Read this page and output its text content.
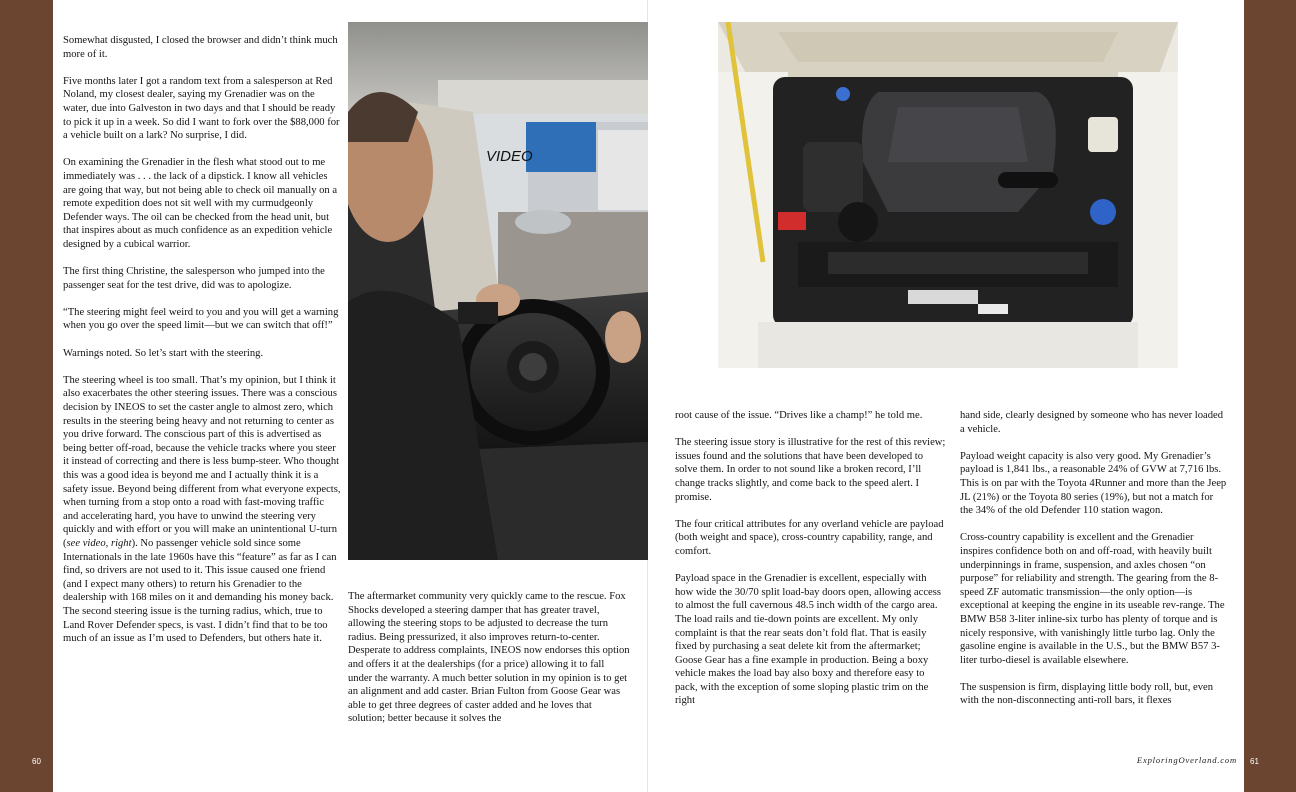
Somewhat disgusted, I closed the browser and didn’t think much more of it.

Five months later I got a random text from a salesperson at Red Noland, my closest dealer, saying my Grenadier was on the water, due into Galveston in two days and that I should be ready to pick it up in a week. So did I want to fork over the $88,000 for a vehicle built on a lark? No surprise, I did.

On examining the Grenadier in the flesh what stood out to me immediately was . . . the lack of a dipstick. I know all vehicles are going that way, but not being able to check oil manually on a remote expedition does not sit well with my curmudgeonly Defender ways. The oil can be checked from the head unit, but that inspires about as much confidence as an expedition vehicle designed by a cubical warrior.

The first thing Christine, the salesperson who jumped into the passenger seat for the test drive, did was to apologize.

“The steering might feel weird to you and you will get a warning when you go over the speed limit—but we can switch that off!”

Warnings noted. So let’s start with the steering.

The steering wheel is too small. That’s my opinion, but I think it also exacerbates the other steering issues. There was a conscious decision by INEOS to set the caster angle to almost zero, which results in the steering being heavy and not returning to center as you drive forward. The conscious part of this is advertised as being better off-road, because the vehicle tracks where you steer it instead of correcting and there is less bump-steer. Who thought this was a good idea is beyond me and I actually think it is a safety issue. Beyond being different from what everyone expects, when turning from a stop onto a road with fast-moving traffic and accelerating hard, you have to unwind the steering very quickly and with effort or you will make an unintentional U-turn (see video, right). No passenger vehicle sold since some Internationals in the late 1960s have this “feature” as far as I can find, so drivers are not used to it. This issue caused one friend (and I expect many others) to return his Grenadier to the dealership with 168 miles on it and demanding his money back. The second steering issue is the turning radius, which, true to Land Rover Defender specs, is vast. I didn’t find that to be too much of an issue as I’m used to Defenders, but others hate it.

VIDEO

The aftermarket community very quickly came to the rescue. Fox Shocks developed a steering damper that has greater travel, allowing the steering stops to be adjusted to decrease the turn radius. Being pressurized, it also improves return-to-center. Desperate to address complaints, INEOS now endorses this option and offers it at the dealerships (for a price) allowing it to fall under the warranty. A much better solution in my opinion is to get an alignment and add caster. Brian Fulton from Goose Gear was able to get three degrees of caster added and he loves that solution; better because it solves the

60

root cause of the issue. “Drives like a champ!” he told me.

The steering issue story is illustrative for the rest of this review; issues found and the solutions that have been developed to solve them. In order to not sound like a broken record, I’ll change tracks slightly, and come back to the speed alert. I promise.

The four critical attributes for any overland vehicle are payload (both weight and space), cross-country capability, range, and comfort.

Payload space in the Grenadier is excellent, especially with how wide the 30/70 split load-bay doors open, allowing access to almost the full cavernous 48.5 inch width of the cargo area. The load rails and tie-down points are excellent. My only complaint is that the rear seats don’t fold flat. That is easily fixed by purchasing a seat delete kit from the aftermarket; Goose Gear has a fine example in production. Being a boxy vehicle makes the load bay also boxy and therefore easy to pack, with the exception of some sloping plastic trim on the right

hand side, clearly designed by someone who has never loaded a vehicle.

Payload weight capacity is also very good. My Grenadier’s payload is 1,841 lbs., a reasonable 24% of GVW at 7,716 lbs. This is on par with the Toyota 4Runner and more than the Jeep JL (21%) or the Toyota 80 series (19%), but not a match for the 34% of the old Defender 110 station wagon.

Cross-country capability is excellent and the Grenadier inspires confidence both on and off-road, with heavily built underpinnings in frame, suspension, and axles chosen “on purpose” for reliability and strength. The gearing from the 8-speed ZF automatic transmission—the only option—is exceptional at keeping the engine in its useable rev-range. The BMW B58 3-liter inline-six turbo has plenty of torque and is nicely responsive, with vanishingly little turbo lag. Only the gasoline engine is available in the U.S., but the BMW B57 3-liter turbo-diesel is available elsewhere.

The suspension is firm, displaying little body roll, but, even with the non-disconnecting anti-roll bars, it flexes

ExploringOverland.com 61
